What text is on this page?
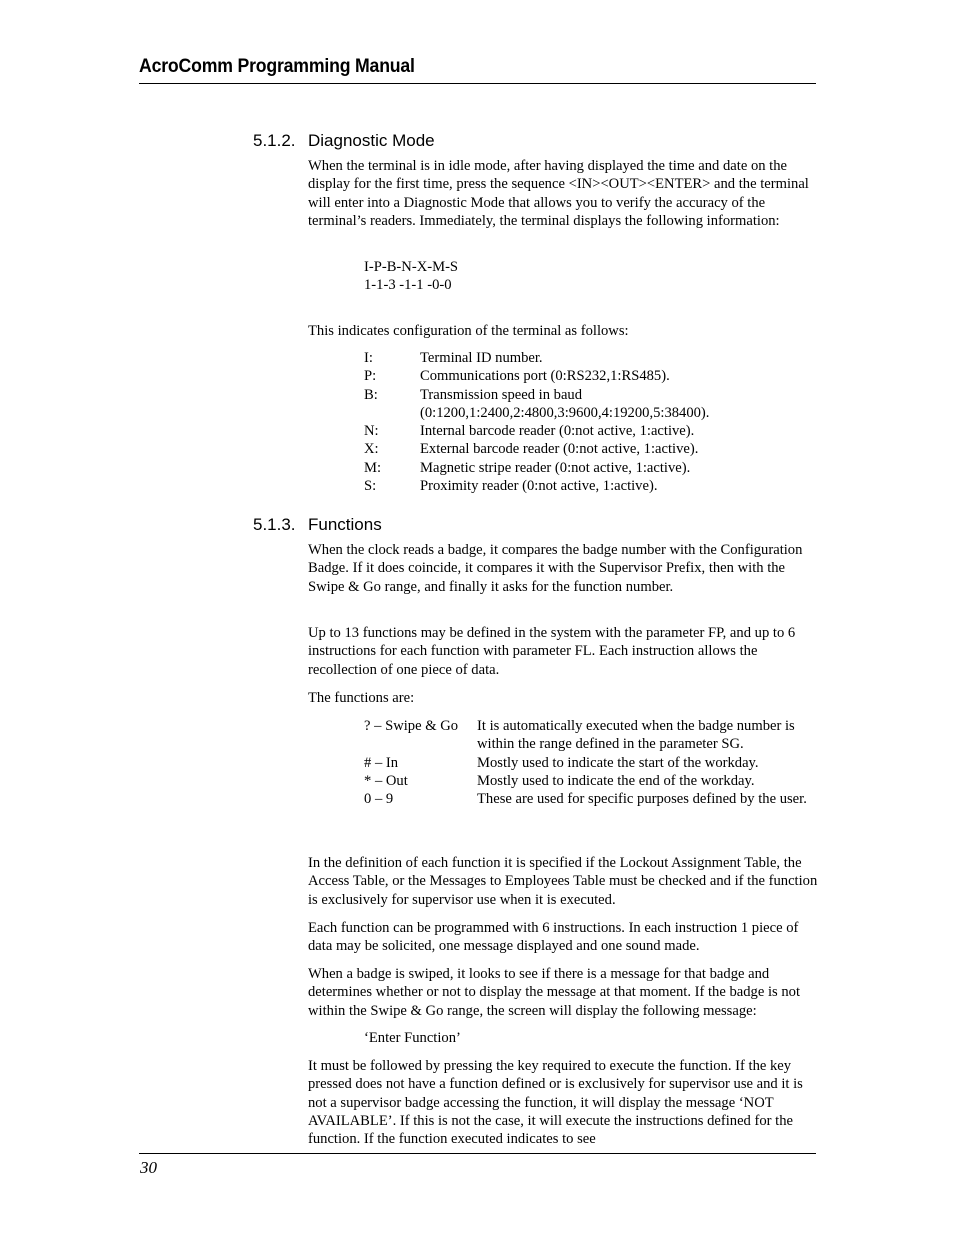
AcroComm Programming Manual
5.1.2. Diagnostic Mode
When the terminal is in idle mode, after having displayed the time and date on the display for the first time, press the sequence <IN><OUT><ENTER> and the terminal will enter into a Diagnostic Mode that allows you to verify the accuracy of the terminal’s readers. Immediately, the terminal displays the following information:
I-P-B-N-X-M-S
1-1-3 -1-1 -0-0
This indicates configuration of the terminal as follows:
I:	Terminal ID number.
P:	Communications port (0:RS232,1:RS485).
B:	Transmission speed in baud (0:1200,1:2400,2:4800,3:9600,4:19200,5:38400).
N:	Internal barcode reader (0:not active, 1:active).
X:	External barcode reader (0:not active, 1:active).
M:	Magnetic stripe reader (0:not active, 1:active).
S:	Proximity reader (0:not active, 1:active).
5.1.3. Functions
When the clock reads a badge, it compares the badge number with the Configuration Badge. If it does coincide, it compares it with the Supervisor Prefix, then with the Swipe & Go range, and finally it asks for the function number.
Up to 13 functions may be defined in the system with the parameter FP, and up to 6 instructions for each function with parameter FL. Each instruction allows the recollection of one piece of data.
The functions are:
? – Swipe & Go	It is automatically executed when the badge number is within the range defined in the parameter SG.
# – In	Mostly used to indicate the start of the workday.
* – Out	Mostly used to indicate the end of the workday.
0 – 9	These are used for specific purposes defined by the user.
In the definition of each function it is specified if the Lockout Assignment Table, the Access Table, or the Messages to Employees Table must be checked and if the function is exclusively for supervisor use when it is executed.
Each function can be programmed with 6 instructions. In each instruction 1 piece of data may be solicited, one message displayed and one sound made.
When a badge is swiped, it looks to see if there is a message for that badge and determines whether or not to display the message at that moment. If the badge is not within the Swipe & Go range, the screen will display the following message:
‘Enter Function’
It must be followed by pressing the key required to execute the function. If the key pressed does not have a function defined or is exclusively for supervisor use and it is not a supervisor badge accessing the function, it will display the message ‘NOT AVAILABLE’. If this is not the case, it will execute the instructions defined for the function. If the function executed indicates to see
30
